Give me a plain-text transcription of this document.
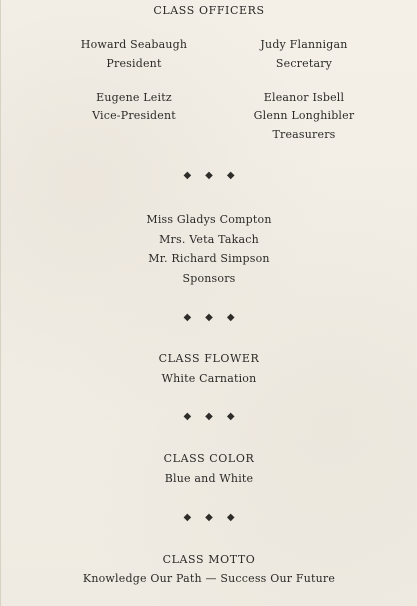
CLASS OFFICERS
Howard Seabaugh
President
Eugene Leitz
Vice-President
Judy Flannigan
Secretary
Eleanor Isbell
Glenn Longhibler
Treasurers
◆◆◆
Miss Gladys Compton
Mrs. Veta Takach
Mr. Richard Simpson
Sponsors
◆◆◆
CLASS FLOWER
White Carnation
◆◆◆
CLASS COLOR
Blue and White
◆◆◆
CLASS MOTTO
Knowledge Our Path — Success Our Future
